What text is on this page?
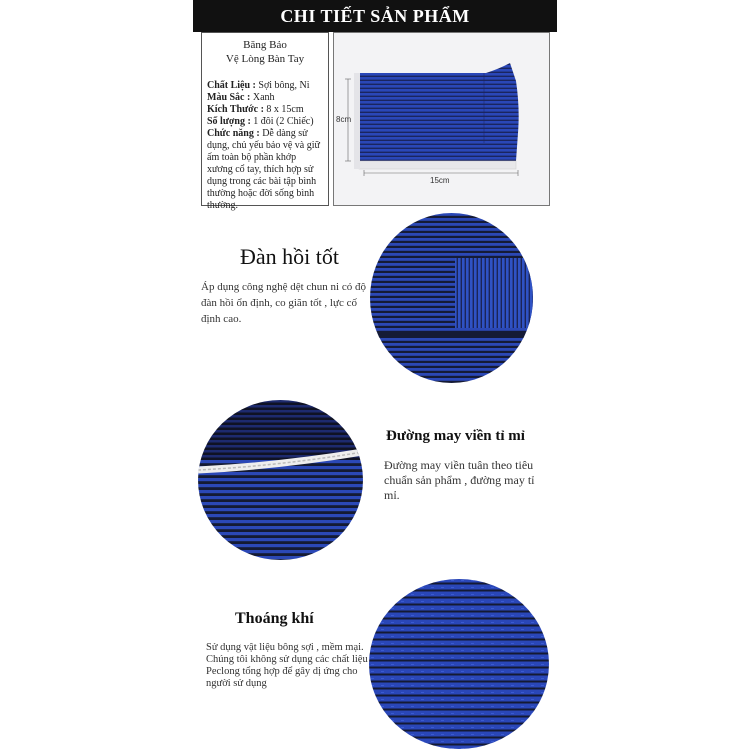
CHI TIẾT SẢN PHẨM
Băng Bảo
Vệ Lòng Bàn Tay
Chất Liệu : Sợi bông, Ni
Màu Sắc : Xanh
Kích Thước : 8 x 15cm
Số lượng : 1 đôi (2 Chiếc)
Chức năng : Dễ dàng sử dụng, chủ yếu bảo vệ và giữ ấm toàn bộ phần khớp xương cổ tay, thích hợp sử dụng trong các bài tập bình thường hoặc đời sống bình thường.
8cm
15cm
Đàn hồi tốt
Áp dụng công nghệ dệt chun ni có độ đàn hồi ổn định, co giãn tốt , lực cố định cao.
Đường may viền tỉ mỉ
Đường may viền tuân theo tiêu chuẩn sản phẩm , đường may tỉ mỉ.
Thoáng khí
Sử dụng vật liệu bông sợi , mềm mại. Chúng tôi không sử dụng các chất liệu Peclong tổng hợp để gây dị ứng cho người sử dụng
